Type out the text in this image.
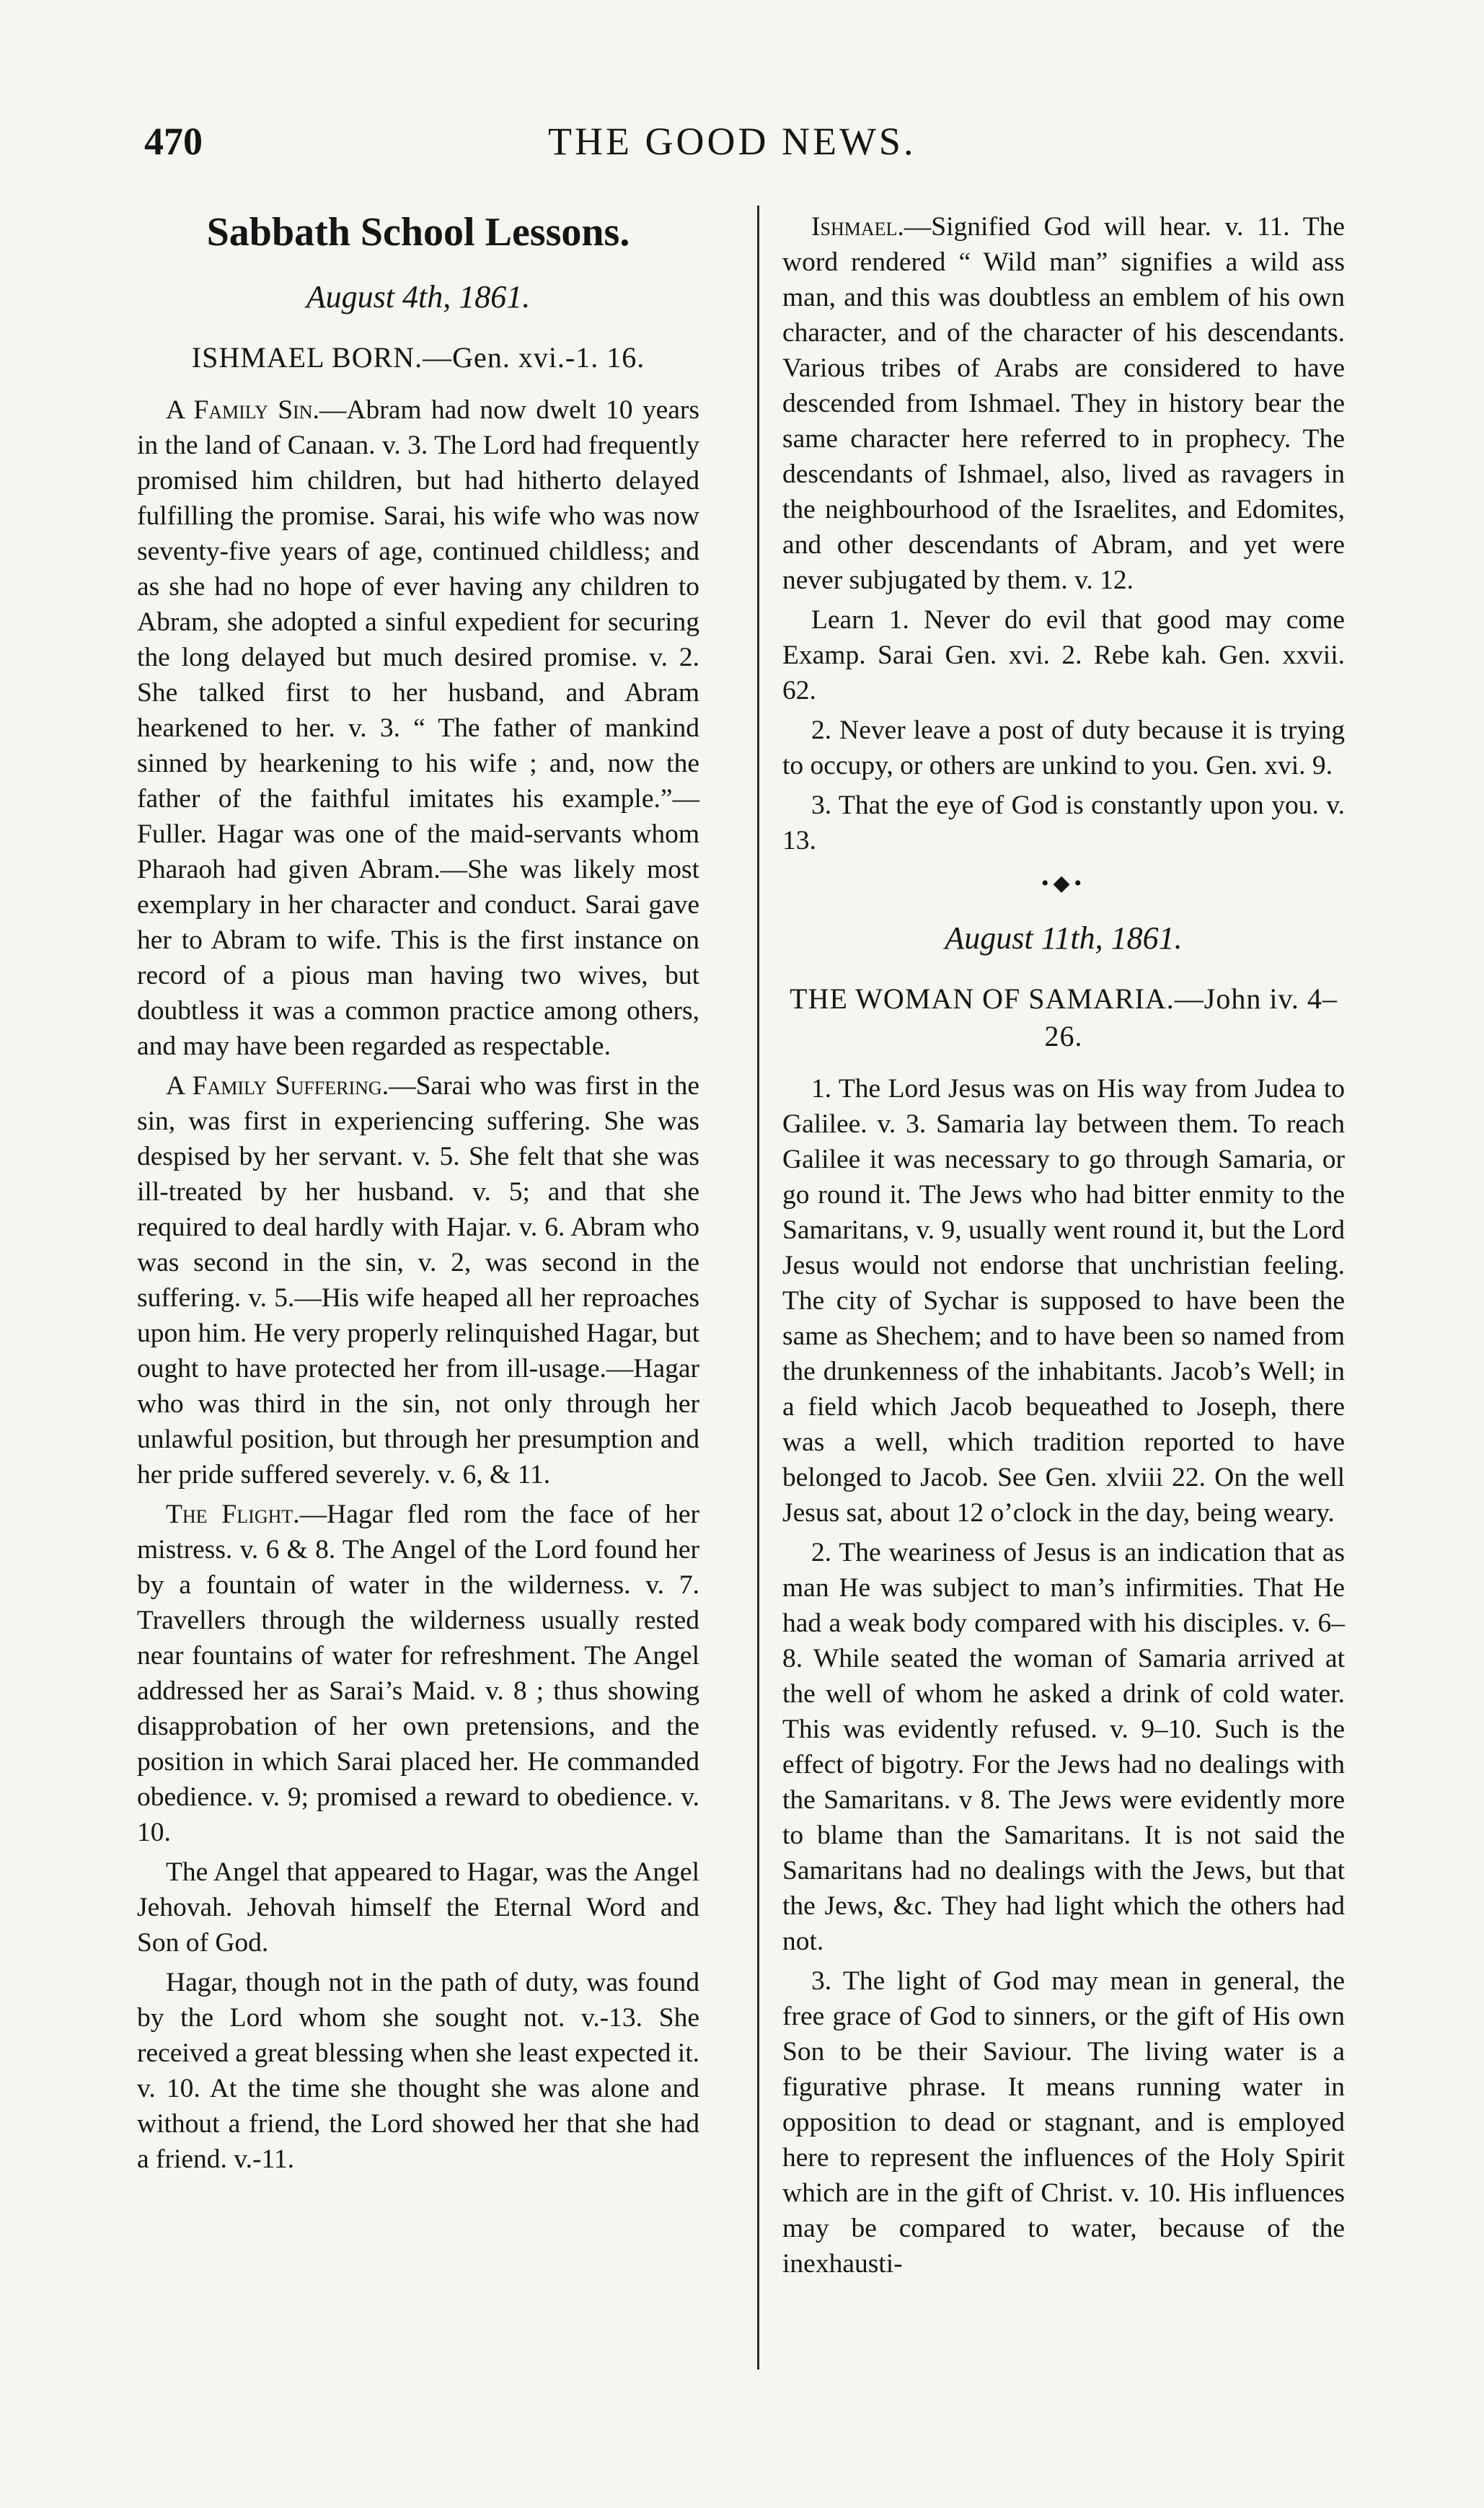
470	THE GOOD NEWS.
Sabbath School Lessons.
August 4th, 1861.
ISHMAEL BORN.—Gen. xvi.-1. 16.

A Family Sin.—Abram had now dwelt 10 years in the land of Canaan. v. 3. The Lord had frequently promised him children, but had hitherto delayed fulfilling the promise. Sarai, his wife who was now seventy-five years of age, continued childless; and as she had no hope of ever having any children to Abram, she adopted a sinful expedient for securing the long delayed but much desired promise. v. 2. She talked first to her husband, and Abram hearkened to her. v. 3. “ The father of mankind sinned by hearkening to his wife ; and, now the father of the faithful imitates his example.”—Fuller. Hagar was one of the maid-servants whom Pharaoh had given Abram.—She was likely most exemplary in her character and conduct. Sarai gave her to Abram to wife. This is the first instance on record of a pious man having two wives, but doubtless it was a common practice among others, and may have been regarded as respectable.

A Family Suffering.—Sarai who was first in the sin, was first in experiencing suffering. She was despised by her servant. v. 5. She felt that she was ill-treated by her husband. v. 5; and that she required to deal hardly with Hajar. v. 6. Abram who was second in the sin, v. 2, was second in the suffering. v. 5.—His wife heaped all her reproaches upon him. He very properly relinquished Hagar, but ought to have protected her from ill-usage.—Hagar who was third in the sin, not only through her unlawful position, but through her presumption and her pride suffered severely. v. 6, & 11.

The Flight.—Hagar fled rom the face of her mistress. v. 6 & 8. The Angel of the Lord found her by a fountain of water in the wilderness. v. 7. Travellers through the wilderness usually rested near fountains of water for refreshment. The Angel addressed her as Sarai’s Maid. v. 8 ; thus showing disapprobation of her own pretensions, and the position in which Sarai placed her. He commanded obedience. v. 9; promised a reward to obedience. v. 10.

The Angel that appeared to Hagar, was the Angel Jehovah. Jehovah himself the Eternal Word and Son of God.

Hagar, though not in the path of duty, was found by the Lord whom she sought not. v.-13. She received a great blessing when she least expected it. v. 10. At the time she thought she was alone and without a friend, the Lord showed her that she had a friend. v.-11.

Ishmael.—Signified God will hear. v. 11. The word rendered “ Wild man” signifies a wild ass man, and this was doubtless an emblem of his own character, and of the character of his descendants. Various tribes of Arabs are considered to have descended from Ishmael. They in history bear the same character here referred to in prophecy. The descendants of Ishmael, also, lived as ravagers in the neighbourhood of the Israelites, and Edomites, and other descendants of Abram, and yet were never subjugated by them. v. 12.

Learn 1. Never do evil that good may come Examp. Sarai Gen. xvi. 2. Rebe kah. Gen. xxvii. 62.

2. Never leave a post of duty because it is trying to occupy, or others are unkind to you. Gen. xvi. 9.

3. That the eye of God is constantly upon you. v. 13.

•◆•
August 11th, 1861.
THE WOMAN OF SAMARIA.—John iv. 4–26.

1. The Lord Jesus was on His way from Judea to Galilee. v. 3. Samaria lay between them. To reach Galilee it was necessary to go through Samaria, or go round it. The Jews who had bitter enmity to the Samaritans, v. 9, usually went round it, but the Lord Jesus would not endorse that unchristian feeling. The city of Sychar is supposed to have been the same as Shechem; and to have been so named from the drunkenness of the inhabitants. Jacob’s Well; in a field which Jacob bequeathed to Joseph, there was a well, which tradition reported to have belonged to Jacob. See Gen. xlviii 22. On the well Jesus sat, about 12 o’clock in the day, being weary.

2. The weariness of Jesus is an indication that as man He was subject to man’s infirmities. That He had a weak body compared with his disciples. v. 6–8. While seated the woman of Samaria arrived at the well of whom he asked a drink of cold water. This was evidently refused. v. 9–10. Such is the effect of bigotry. For the Jews had no dealings with the Samaritans. v 8. The Jews were evidently more to blame than the Samaritans. It is not said the Samaritans had no dealings with the Jews, but that the Jews, &c. They had light which the others had not.

3. The light of God may mean in general, the free grace of God to sinners, or the gift of His own Son to be their Saviour. The living water is a figurative phrase. It means running water in opposition to dead or stagnant, and is employed here to represent the influences of the Holy Spirit which are in the gift of Christ. v. 10. His influences may be compared to water, because of the inexhausti-
